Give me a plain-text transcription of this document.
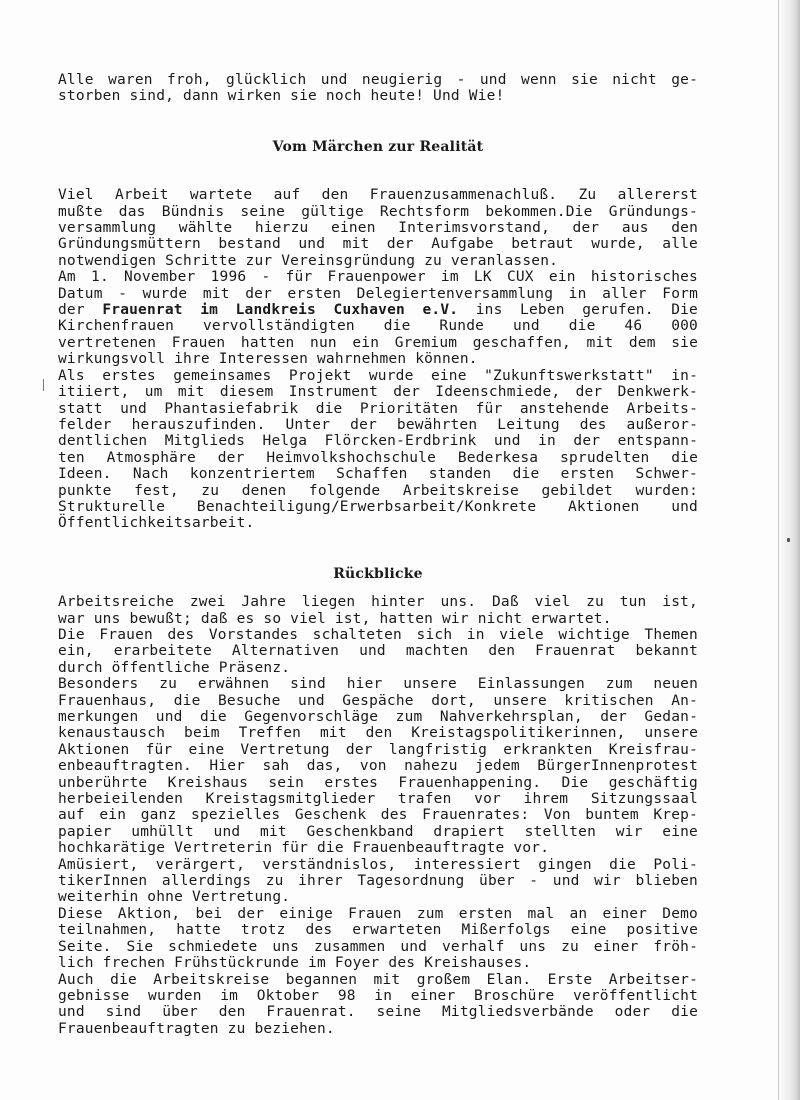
Alle waren froh, glücklich und neugierig - und wenn sie nicht ge-
storben sind, dann wirken sie noch heute! Und Wie!
Vom Märchen zur Realität
Viel Arbeit wartete auf den Frauenzusammenachluß. Zu allererst
mußte das Bündnis seine gültige Rechtsform bekommen.Die Gründungs-
versammlung wählte hierzu einen Interimsvorstand, der aus den
Gründungsmüttern bestand und mit der Aufgabe betraut wurde, alle
notwendigen Schritte zur Vereinsgründung zu veranlassen.
Am 1. November 1996 - für Frauenpower im LK CUX ein historisches
Datum - wurde mit der ersten Delegiertenversammlung in aller Form
der Frauenrat im Landkreis Cuxhaven e.V. ins Leben gerufen. Die
Kirchenfrauen vervollständigten die Runde und die 46 000
vertretenen Frauen hatten nun ein Gremium geschaffen, mit dem sie
wirkungsvoll ihre Interessen wahrnehmen können.
Als erstes gemeinsames Projekt wurde eine "Zukunftswerkstatt" in-
itiiert, um mit diesem Instrument der Ideenschmiede, der Denkwerk-
statt und Phantasiefabrik die Prioritäten für anstehende Arbeits-
felder herauszufinden. Unter der bewährten Leitung des außeror-
dentlichen Mitglieds Helga Flörcken-Erdbrink und in der entspann-
ten Atmosphäre der Heimvolkshochschule Bederkesa sprudelten die
Ideen. Nach konzentriertem Schaffen standen die ersten Schwer-
punkte fest, zu denen folgende Arbeitskreise gebildet wurden:
Strukturelle Benachteiligung/Erwerbsarbeit/Konkrete Aktionen und
Öffentlichkeitsarbeit.
Rückblicke
Arbeitsreiche zwei Jahre liegen hinter uns. Daß viel zu tun ist,
war uns bewußt; daß es so viel ist, hatten wir nicht erwartet.
Die Frauen des Vorstandes schalteten sich in viele wichtige Themen
ein, erarbeitete Alternativen und machten den Frauenrat bekannt
durch öffentliche Präsenz.
Besonders zu erwähnen sind hier unsere Einlassungen zum neuen
Frauenhaus, die Besuche und Gespäche dort, unsere kritischen An-
merkungen und die Gegenvorschläge zum Nahverkehrsplan, der Gedan-
kenaustausch beim Treffen mit den Kreistagspolitikerinnen, unsere
Aktionen für eine Vertretung der langfristig erkrankten Kreisfrau-
enbeauftragten. Hier sah das, von nahezu jedem BürgerInnenprotest
unberührte Kreishaus sein erstes Frauenhappening. Die geschäftig
herbeieilenden Kreistagsmitglieder trafen vor ihrem Sitzungssaal
auf ein ganz spezielles Geschenk des Frauenrates: Von buntem Krep-
papier umhüllt und mit Geschenkband drapiert stellten wir eine
hochkarätige Vertreterin für die Frauenbeauftragte vor.
Amüsiert, verärgert, verständnislos, interessiert gingen die Poli-
tikerInnen allerdings zu ihrer Tagesordnung über - und wir blieben
weiterhin ohne Vertretung.
Diese Aktion, bei der einige Frauen zum ersten mal an einer Demo
teilnahmen, hatte trotz des erwarteten Mißerfolgs eine positive
Seite. Sie schmiedete uns zusammen und verhalf uns zu einer fröh-
lich frechen Frühstückrunde im Foyer des Kreishauses.
Auch die Arbeitskreise begannen mit großem Elan. Erste Arbeitser-
gebnisse wurden im Oktober 98 in einer Broschüre veröffentlicht
und sind über den Frauenrat. seine Mitgliedsverbände oder die
Frauenbeauftragten zu beziehen.
